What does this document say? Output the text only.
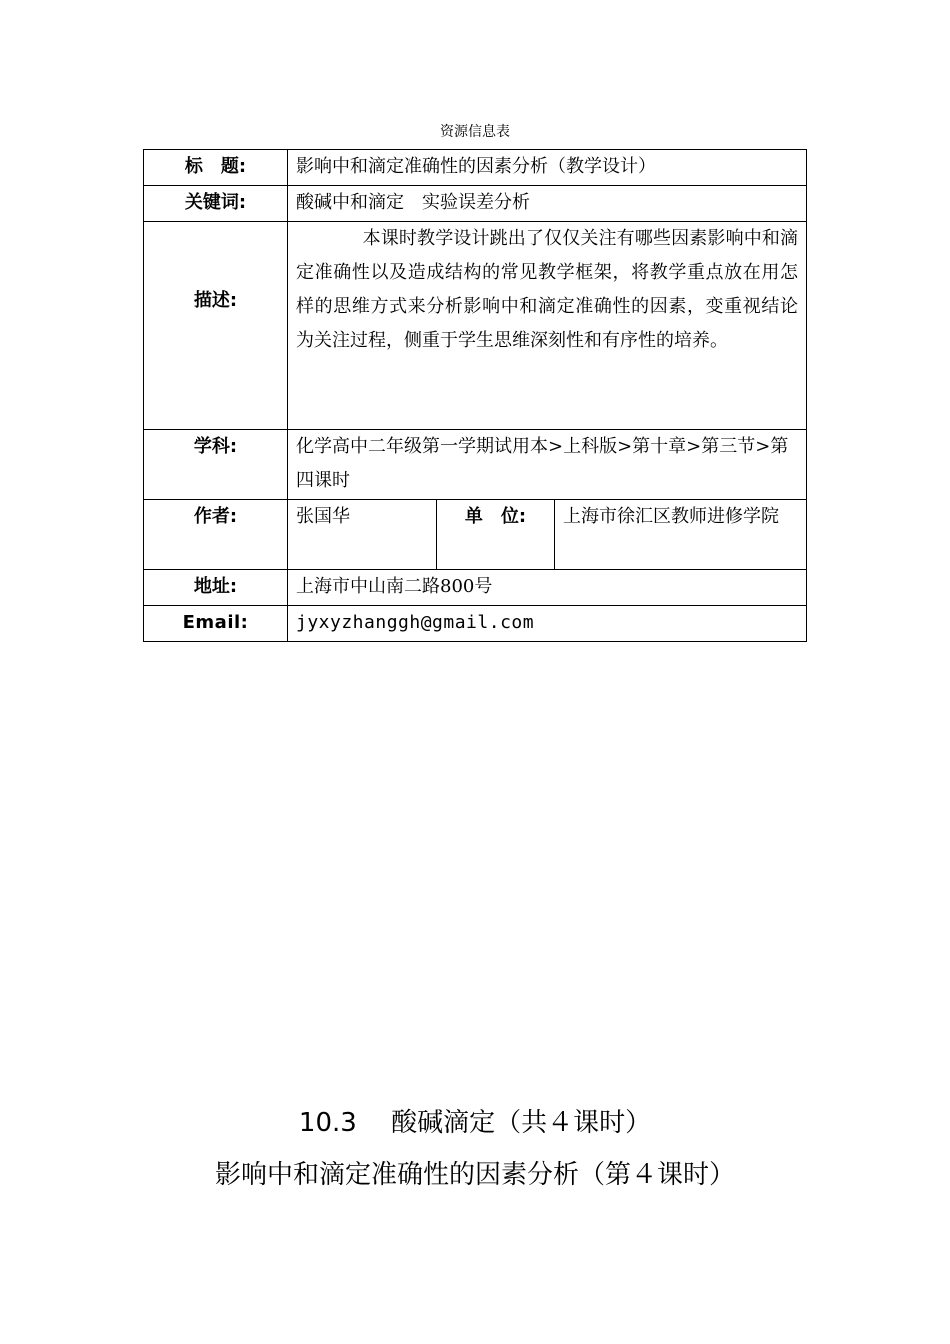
资源信息表
标　题:	影响中和滴定准确性的因素分析（教学设计）		
关键词:	酸碱中和滴定　实验误差分析		
描述:	本课时教学设计跳出了仅仅关注有哪些因素影响中和滴定准确性以及造成结构的常见教学框架，将教学重点放在用怎样的思维方式来分析影响中和滴定准确性的因素，变重视结论为关注过程，侧重于学生思维深刻性和有序性的培养。		
学科:	化学高中二年级第一学期试用本>上科版>第十章>第三节>第四课时		
作者:	张国华	单　位:	上海市徐汇区教师进修学院
地址:	上海市中山南二路800号		
Email:	jyxyzhanggh@gmail.com		
10.3　 酸碱滴定（共４课时）
影响中和滴定准确性的因素分析（第４课时）
